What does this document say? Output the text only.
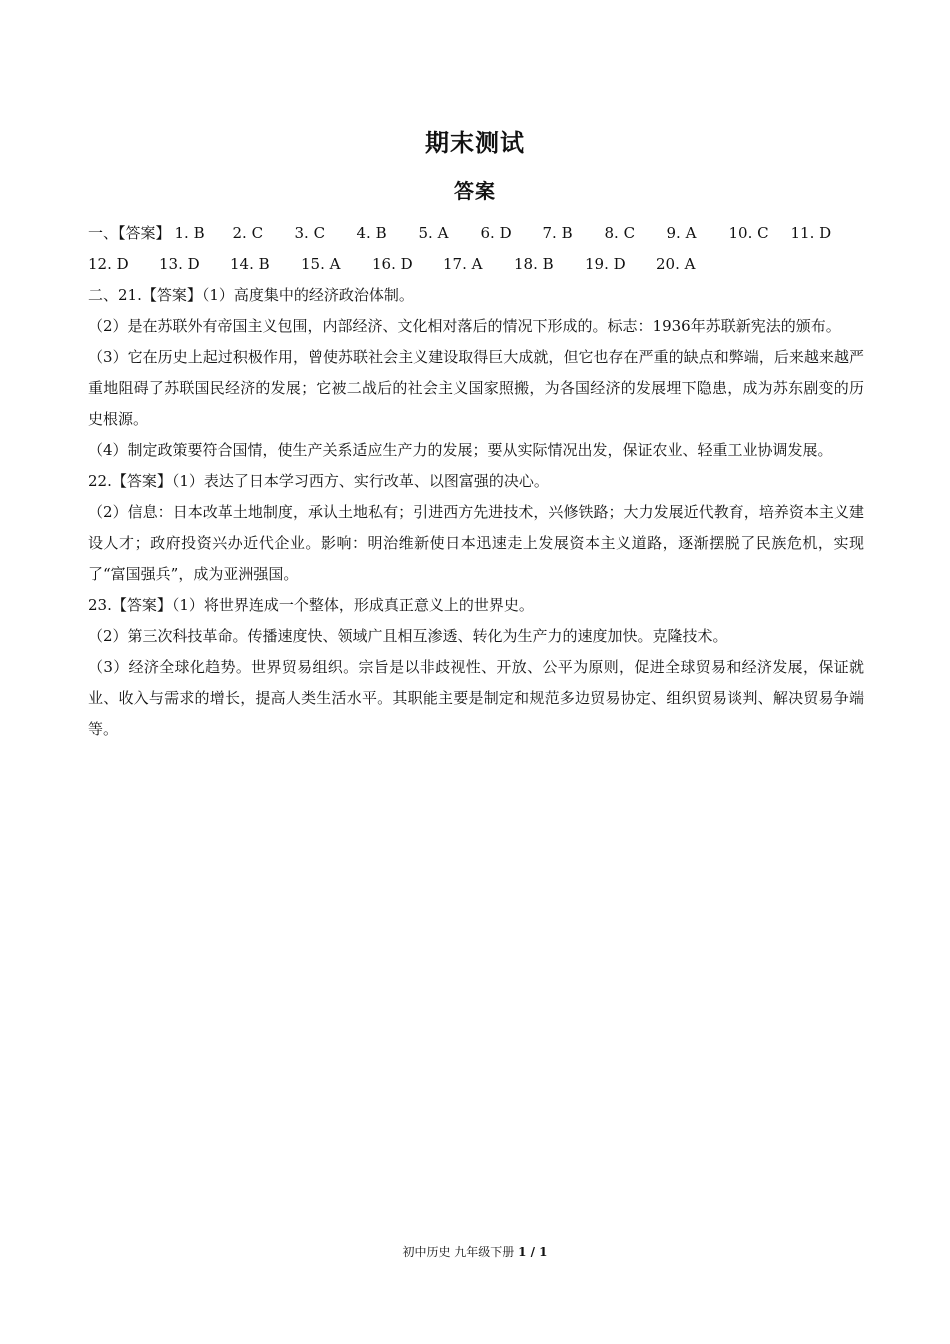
期末测试
答案
一、【答案】 1. B	2. C	3. C	4. B	5. A	6. D	7. B	8. C	9. A	10. C	11. D
12. D	13. D	14. B	15. A	16. D	17. A	18. B	19. D	20. A
二、21.【答案】（1）高度集中的经济政治体制。
（2）是在苏联外有帝国主义包围，内部经济、文化相对落后的情况下形成的。标志：1936年苏联新宪法的颁布。
（3）它在历史上起过积极作用，曾使苏联社会主义建设取得巨大成就，但它也存在严重的缺点和弊端，后来越来越严重地阻碍了苏联国民经济的发展；它被二战后的社会主义国家照搬，为各国经济的发展埋下隐患，成为苏东剧变的历史根源。
（4）制定政策要符合国情，使生产关系适应生产力的发展；要从实际情况出发，保证农业、轻重工业协调发展。
22.【答案】（1）表达了日本学习西方、实行改革、以图富强的决心。
（2）信息：日本改革土地制度，承认土地私有；引进西方先进技术，兴修铁路；大力发展近代教育，培养资本主义建设人才；政府投资兴办近代企业。影响：明治维新使日本迅速走上发展资本主义道路，逐渐摆脱了民族危机，实现了“富国强兵”，成为亚洲强国。
23.【答案】（1）将世界连成一个整体，形成真正意义上的世界史。
（2）第三次科技革命。传播速度快、领域广且相互渗透、转化为生产力的速度加快。克隆技术。
（3）经济全球化趋势。世界贸易组织。宗旨是以非歧视性、开放、公平为原则，促进全球贸易和经济发展，保证就业、收入与需求的增长，提高人类生活水平。其职能主要是制定和规范多边贸易协定、组织贸易谈判、解决贸易争端等。
初中历史 九年级下册 1 / 1
